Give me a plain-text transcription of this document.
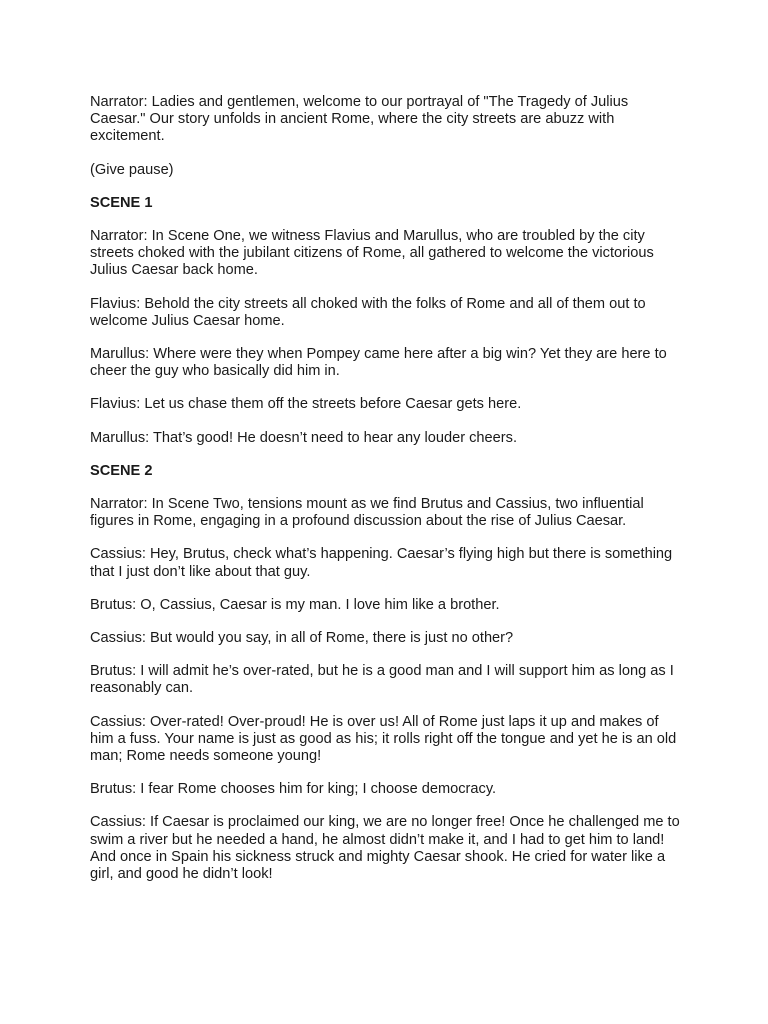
Narrator: Ladies and gentlemen, welcome to our portrayal of "The Tragedy of Julius Caesar." Our story unfolds in ancient Rome, where the city streets are abuzz with excitement.

(Give pause)

SCENE 1

Narrator: In Scene One, we witness Flavius and Marullus, who are troubled by the city streets choked with the jubilant citizens of Rome, all gathered to welcome the victorious Julius Caesar back home.

Flavius: Behold the city streets all choked with the folks of Rome and all of them out to welcome Julius Caesar home.

Marullus: Where were they when Pompey came here after a big win? Yet they are here to cheer the guy who basically did him in.

Flavius: Let us chase them off the streets before Caesar gets here.

Marullus: That’s good! He doesn’t need to hear any louder cheers.

SCENE 2

Narrator: In Scene Two, tensions mount as we find Brutus and Cassius, two influential figures in Rome, engaging in a profound discussion about the rise of Julius Caesar.

Cassius: Hey, Brutus, check what’s happening. Caesar’s flying high but there is something that I just don’t like about that guy.

Brutus: O, Cassius, Caesar is my man. I love him like a brother.

Cassius: But would you say, in all of Rome, there is just no other?

Brutus: I will admit he’s over-rated, but he is a good man and I will support him as long as I reasonably can.

Cassius: Over-rated! Over-proud! He is over us! All of Rome just laps it up and makes of him a fuss. Your name is just as good as his; it rolls right off the tongue and yet he is an old man; Rome needs someone young!

Brutus: I fear Rome chooses him for king; I choose democracy.

Cassius: If Caesar is proclaimed our king, we are no longer free! Once he challenged me to swim a river but he needed a hand, he almost didn’t make it, and I had to get him to land! And once in Spain his sickness struck and mighty Caesar shook. He cried for water like a girl, and good he didn’t look!
